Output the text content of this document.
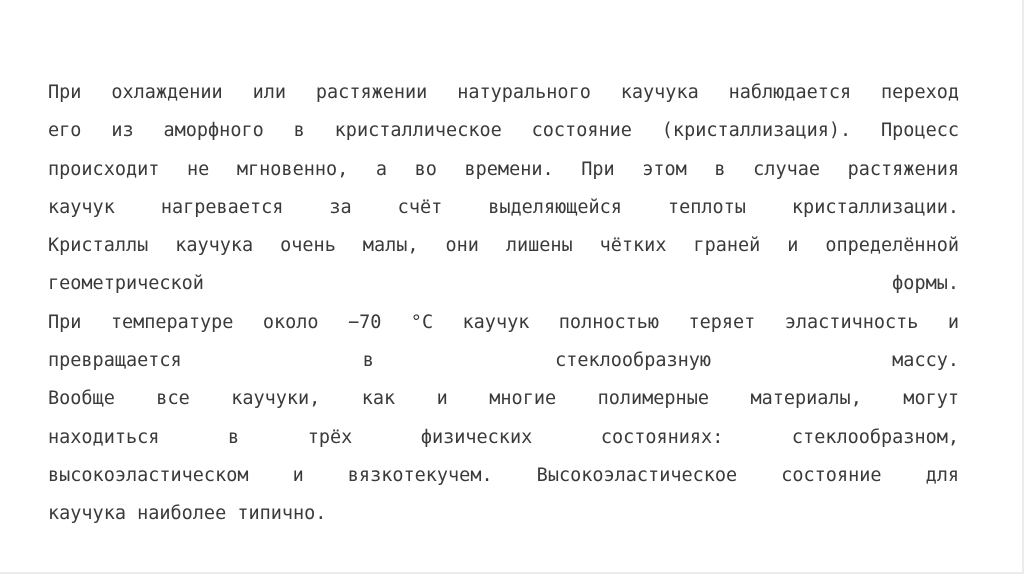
При охлаждении или растяжении натурального каучука наблюдается переход
его из аморфного в кристаллическое состояние (кристаллизация). Процесс
происходит не мгновенно, а во времени. При этом в случае растяжения
каучук нагревается за счёт выделяющейся теплоты кристаллизации.
Кристаллы каучука очень малы, они лишены чётких граней и определённой
геометрической формы.
При температуре около −70 °C каучук полностью теряет эластичность и
превращается в стеклообразную массу.
Вообще все каучуки, как и многие полимерные материалы, могут
находиться в трёх физических состояниях: стеклообразном,
высокоэластическом и вязкотекучем. Высокоэластическое состояние для
каучука наиболее типично.
